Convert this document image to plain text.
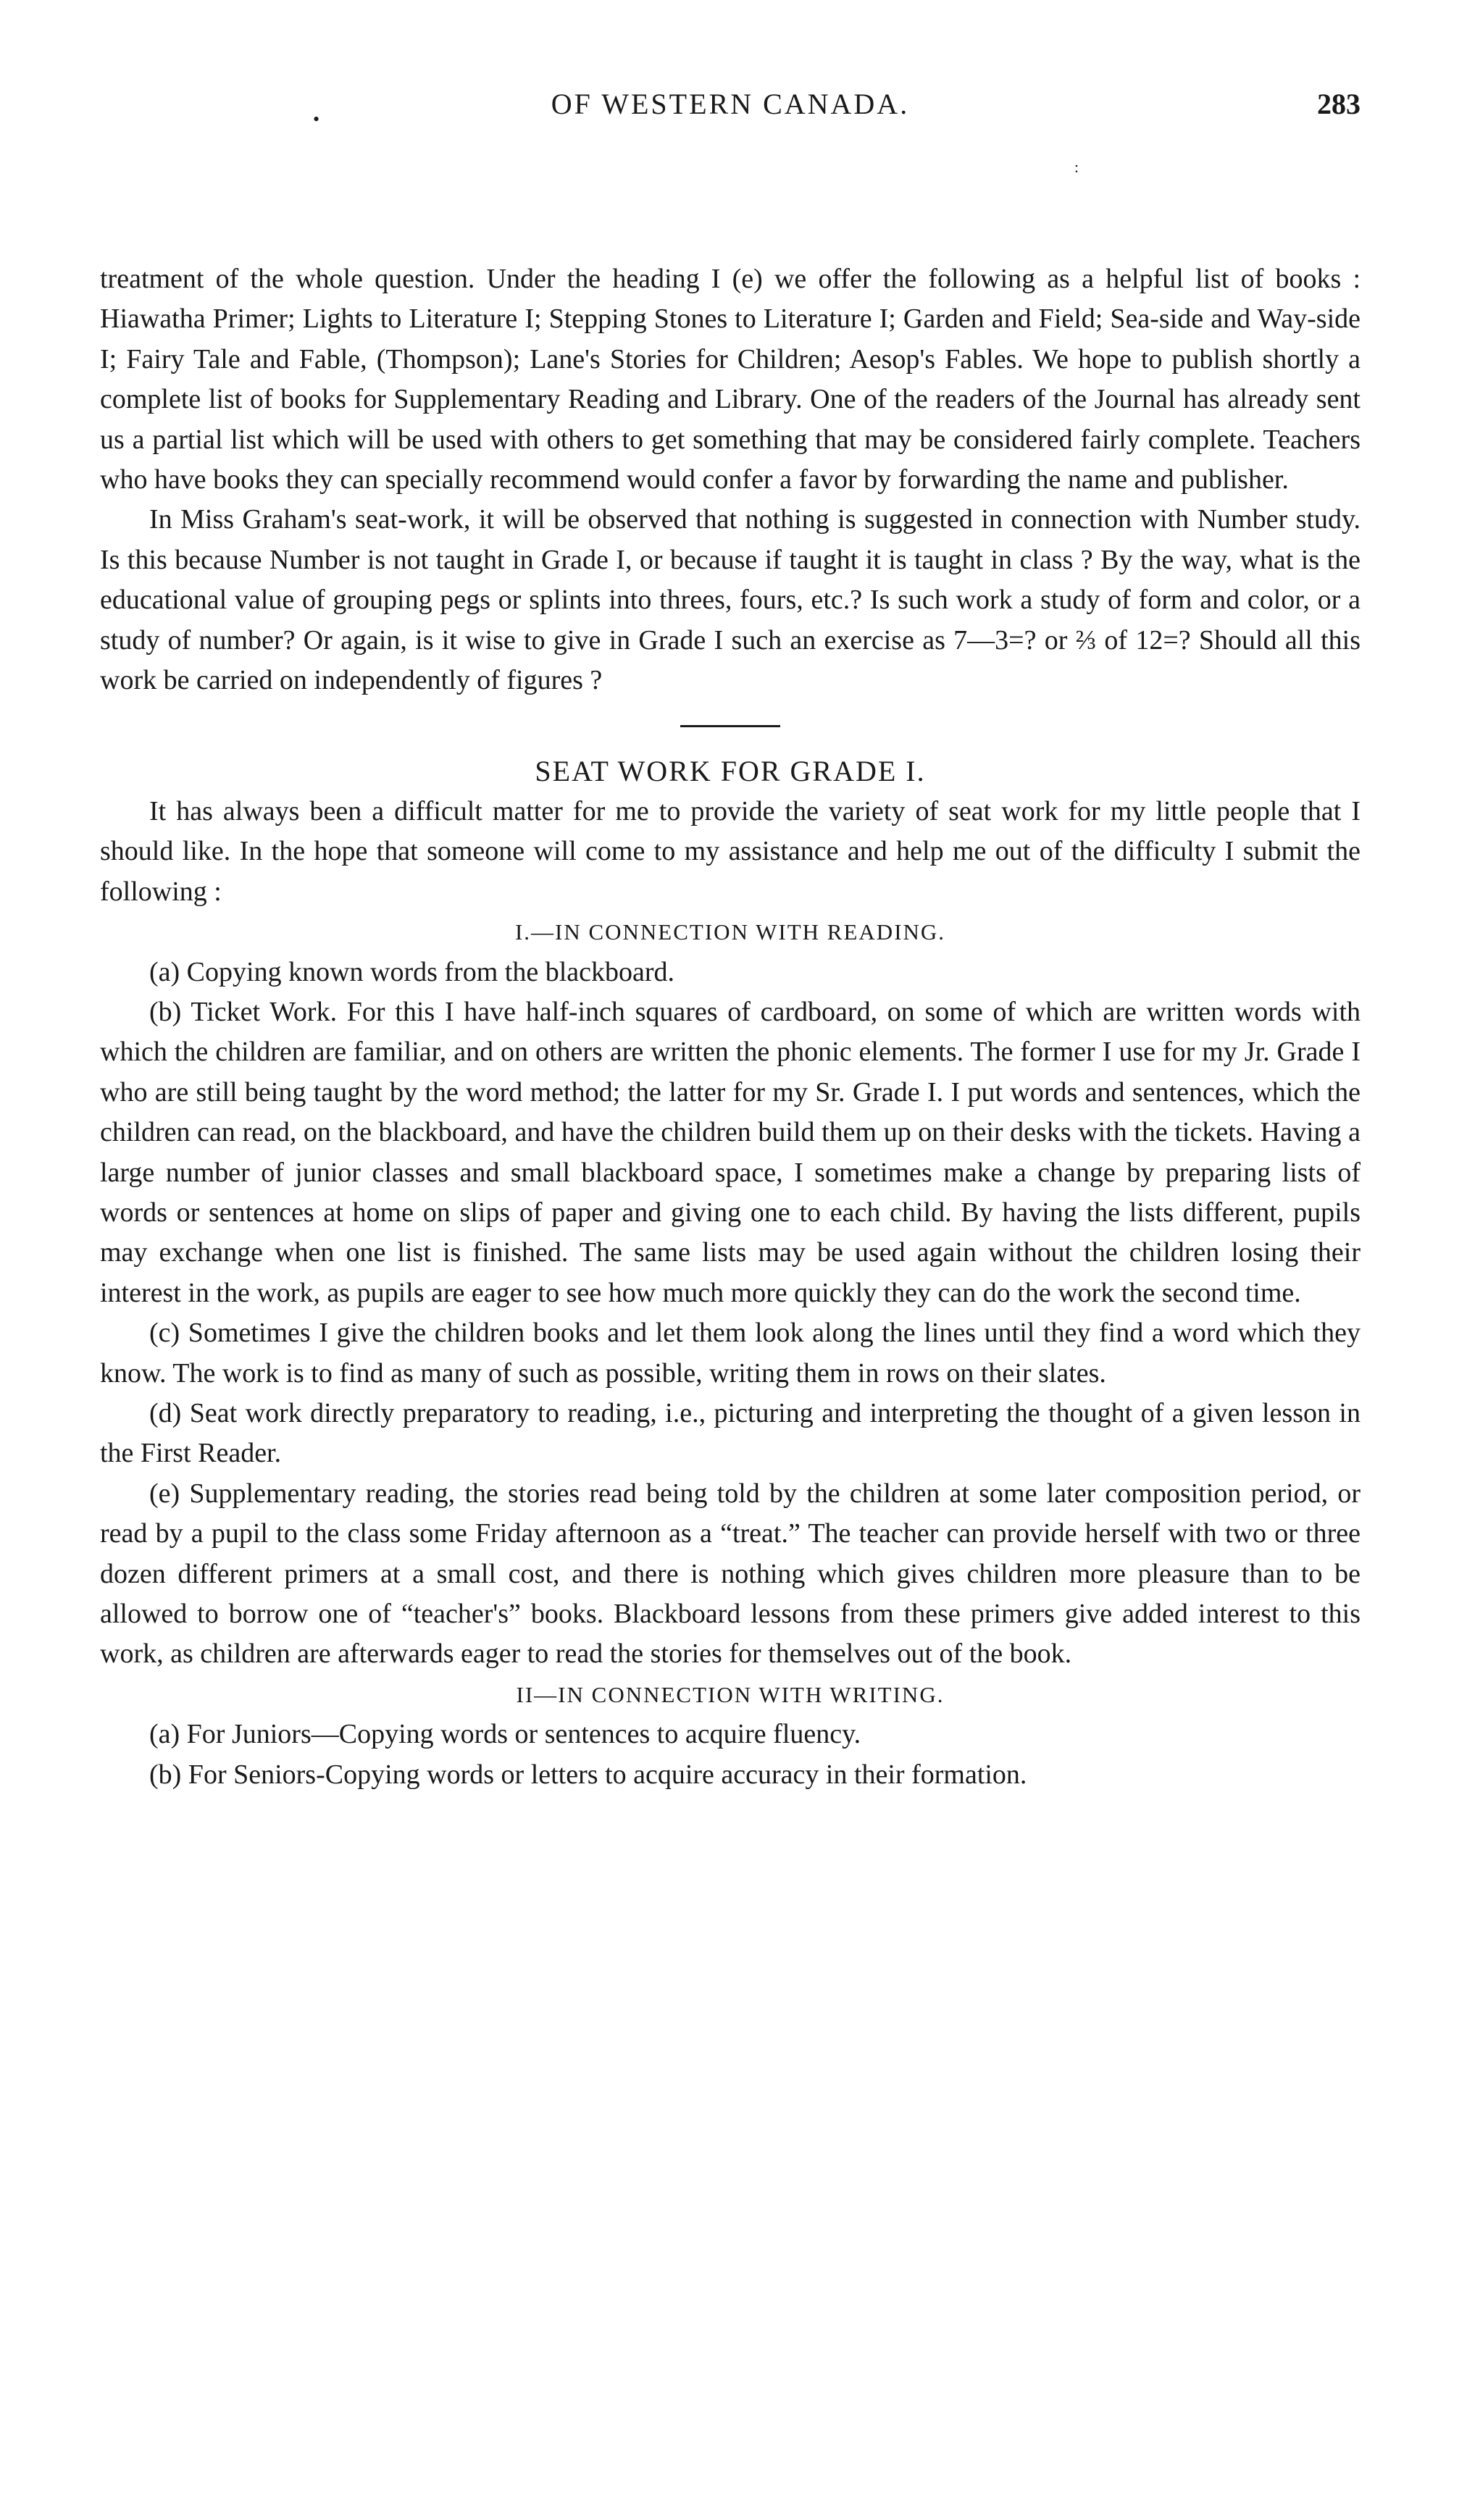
•
:
OF WESTERN CANADA.	283

treatment of the whole question. Under the heading I (e) we offer the following as a helpful list of books : Hiawatha Primer; Lights to Literature I; Stepping Stones to Literature I; Garden and Field; Sea-side and Way-side I; Fairy Tale and Fable, (Thompson); Lane's Stories for Children; Aesop's Fables. We hope to publish shortly a complete list of books for Supplementary Reading and Library. One of the readers of the Journal has already sent us a partial list which will be used with others to get something that may be considered fairly complete. Teachers who have books they can specially recommend would confer a favor by forwarding the name and publisher.

In Miss Graham's seat-work, it will be observed that nothing is suggested in connection with Number study. Is this because Number is not taught in Grade I, or because if taught it is taught in class ? By the way, what is the educational value of grouping pegs or splints into threes, fours, etc.? Is such work a study of form and color, or a study of number? Or again, is it wise to give in Grade I such an exercise as 7—3=? or ⅔ of 12=? Should all this work be carried on independently of figures ?

SEAT WORK FOR GRADE I.

It has always been a difficult matter for me to provide the variety of seat work for my little people that I should like. In the hope that someone will come to my assistance and help me out of the difficulty I submit the following :

I.—IN CONNECTION WITH READING.

(a) Copying known words from the blackboard.

(b) Ticket Work. For this I have half-inch squares of cardboard, on some of which are written words with which the children are familiar, and on others are written the phonic elements. The former I use for my Jr. Grade I who are still being taught by the word method; the latter for my Sr. Grade I. I put words and sentences, which the children can read, on the blackboard, and have the children build them up on their desks with the tickets. Having a large number of junior classes and small blackboard space, I sometimes make a change by preparing lists of words or sentences at home on slips of paper and giving one to each child. By having the lists different, pupils may exchange when one list is finished. The same lists may be used again without the children losing their interest in the work, as pupils are eager to see how much more quickly they can do the work the second time.

(c) Sometimes I give the children books and let them look along the lines until they find a word which they know. The work is to find as many of such as possible, writing them in rows on their slates.

(d) Seat work directly preparatory to reading, i.e., picturing and interpreting the thought of a given lesson in the First Reader.

(e) Supplementary reading, the stories read being told by the children at some later composition period, or read by a pupil to the class some Friday afternoon as a “treat.” The teacher can provide herself with two or three dozen different primers at a small cost, and there is nothing which gives children more pleasure than to be allowed to borrow one of “teacher's” books. Blackboard lessons from these primers give added interest to this work, as children are afterwards eager to read the stories for themselves out of the book.

II—IN CONNECTION WITH WRITING.

(a) For Juniors—Copying words or sentences to acquire fluency.

(b) For Seniors-Copying words or letters to acquire accuracy in their formation.
